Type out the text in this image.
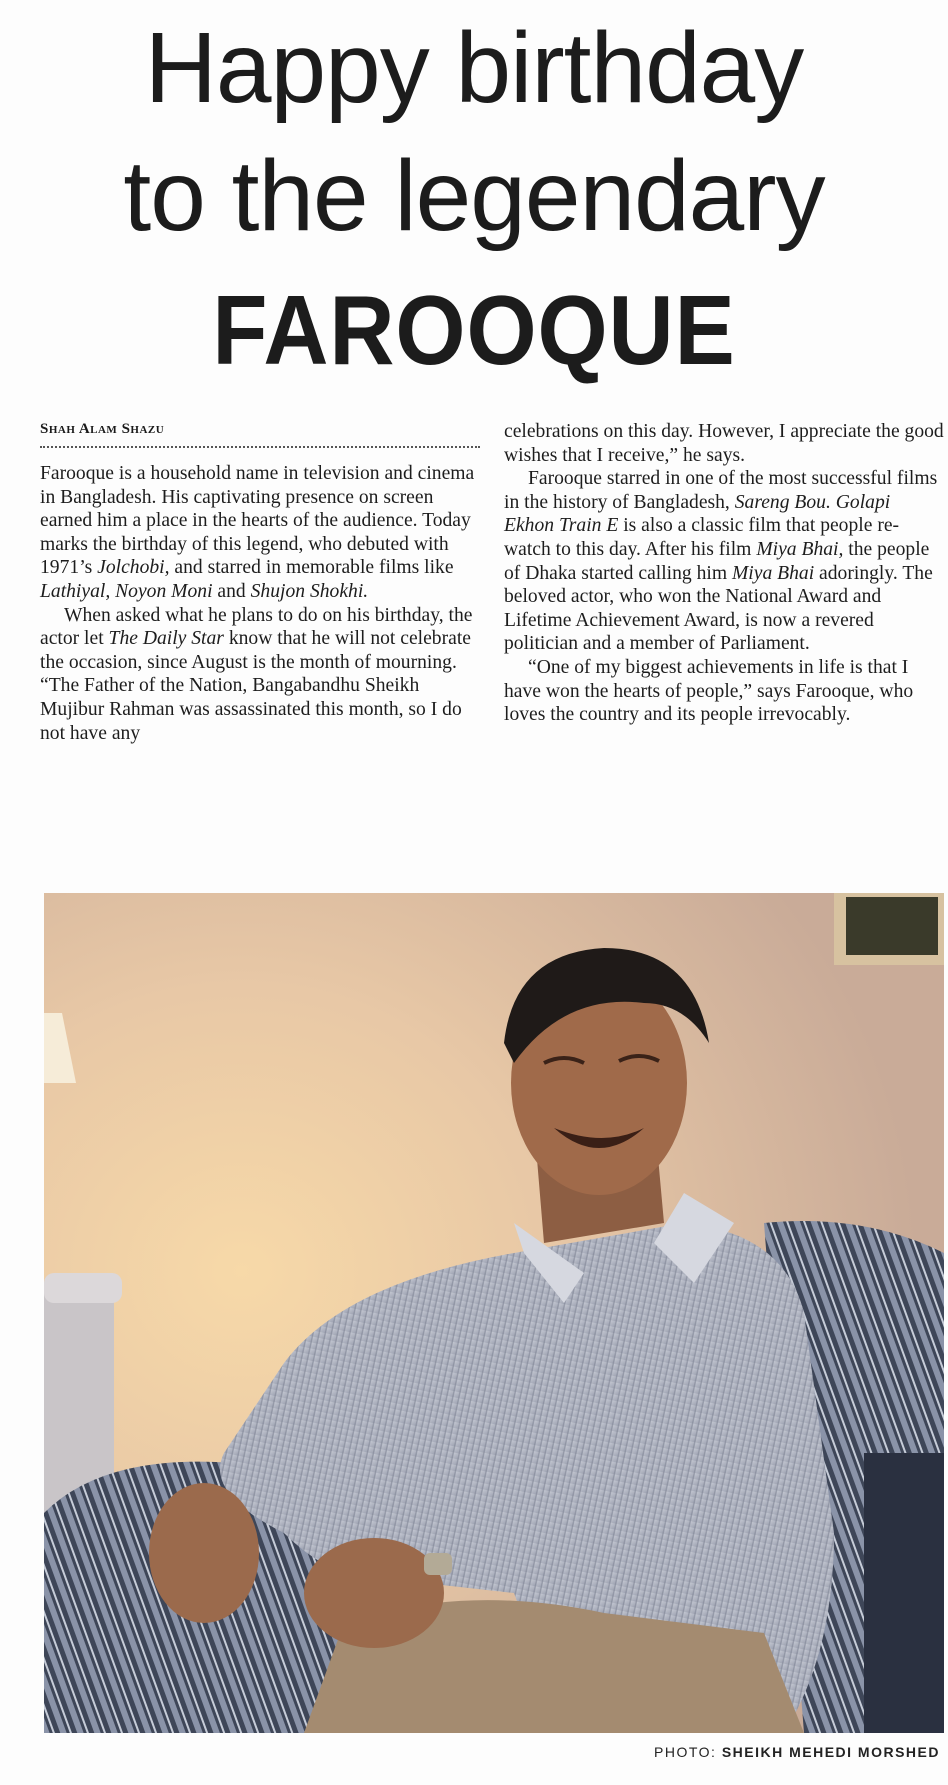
Happy birthday
to the legendary
FAROOQUE
Shah Alam Shazu

Farooque is a household name in television and cinema in Bangladesh. His captivating presence on screen earned him a place in the hearts of the audience. Today marks the birthday of this legend, who debuted with 1971’s Jolchobi, and starred in memorable films like Lathiyal, Noyon Moni and Shujon Shokhi.

When asked what he plans to do on his birthday, the actor let The Daily Star know that he will not celebrate the occasion, since August is the month of mourning. “The Father of the Nation, Bangabandhu Sheikh Mujibur Rahman was assassinated this month, so I do not have any

celebrations on this day. However, I appreciate the good wishes that I receive,” he says.

Farooque starred in one of the most successful films in the history of Bangladesh, Sareng Bou. Golapi Ekhon Train E is also a classic film that people re-watch to this day. After his film Miya Bhai, the people of Dhaka started calling him Miya Bhai adoringly. The beloved actor, who won the National Award and Lifetime Achievement Award, is now a revered politician and a member of Parliament.

“One of my biggest achievements in life is that I have won the hearts of people,” says Farooque, who loves the country and its people irrevocably.

PHOTO: SHEIKH MEHEDI MORSHED
